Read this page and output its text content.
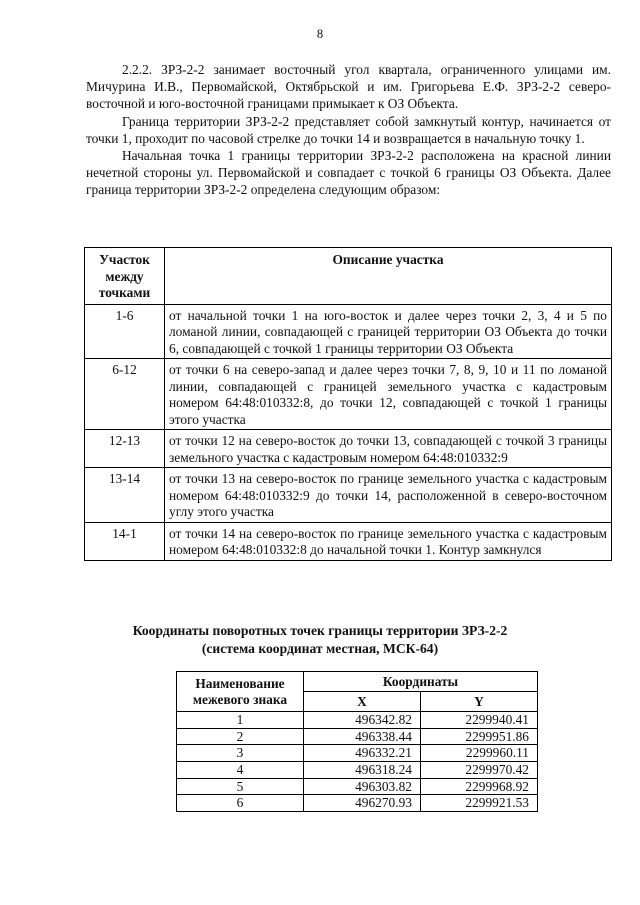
8

2.2.2. ЗРЗ-2-2 занимает восточный угол квартала, ограниченного улицами им. Мичурина И.В., Первомайской, Октябрьской и им. Григорьева Е.Ф. ЗРЗ-2-2 северо-восточной и юго-восточной границами примыкает к ОЗ Объекта.

Граница территории ЗРЗ-2-2 представляет собой замкнутый контур, начинается от точки 1, проходит по часовой стрелке до точки 14 и возвращается в начальную точку 1.

Начальная точка 1 границы территории ЗРЗ-2-2 расположена на красной линии нечетной стороны ул. Первомайской и совпадает с точкой 6 границы ОЗ Объекта. Далее граница территории ЗРЗ-2-2 определена следующим образом:

Участок между точками	Описание участка
1-6	от начальной точки 1 на юго-восток и далее через точки 2, 3, 4 и 5 по ломаной линии, совпадающей с границей территории ОЗ Объекта до точки 6, совпадающей с точкой 1 границы территории ОЗ Объекта
6-12	от точки 6 на северо-запад и далее через точки 7, 8, 9, 10 и 11 по ломаной линии, совпадающей с границей земельного участка с кадастровым номером 64:48:010332:8, до точки 12, совпадающей с точкой 1 границы этого участка
12-13	от точки 12 на северо-восток до точки 13, совпадающей с точкой 3 границы земельного участка с кадастровым номером 64:48:010332:9
13-14	от точки 13 на северо-восток по границе земельного участка с кадастровым номером 64:48:010332:9 до точки 14, расположенной в северо-восточном углу этого участка
14-1	от точки 14 на северо-восток по границе земельного участка с кадастровым номером 64:48:010332:8 до начальной точки 1. Контур замкнулся
Координаты поворотных точек границы территории ЗРЗ-2-2
(система координат местная, МСК-64)
Наименование межевого знака	Координаты	
	X	Y
1	496342.82	2299940.41
2	496338.44	2299951.86
3	496332.21	2299960.11
4	496318.24	2299970.42
5	496303.82	2299968.92
6	496270.93	2299921.53
